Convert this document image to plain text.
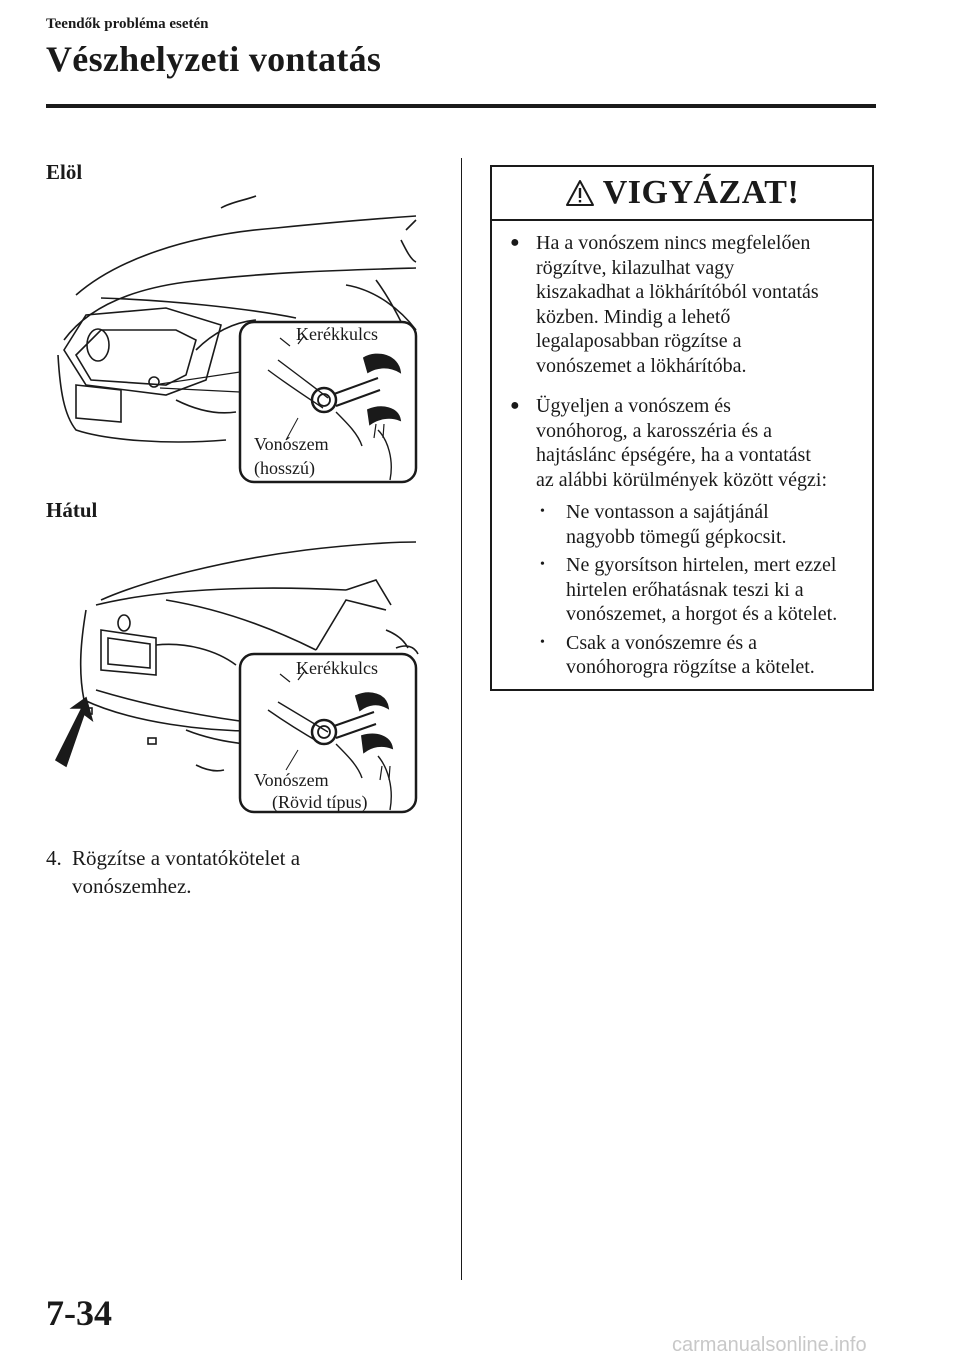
Teendők probléma esetén
Vészhelyzeti vontatás
Elöl
Kerékkulcs
Vonószem
(hosszú)
Hátul
Kerékkulcs
Vonószem
(Rövid típus)
4. Rögzítse a vontatókötelet a
vonószemhez.
VIGYÁZAT!
● Ha a vonószem nincs megfelelően
rögzítve, kilazulhat vagy
kiszakadhat a lökhárítóból vontatás
közben. Mindig a lehető
legalaposabban rögzítse a
vonószemet a lökhárítóba.
● Ügyeljen a vonószem és
vonóhorog, a karosszéria és a
hajtáslánc épségére, ha a vontatást
az alábbi körülmények között végzi:
•	Ne vontasson a sajátjánál
nagyobb tömegű gépkocsit.
•	Ne gyorsítson hirtelen, mert ezzel
hirtelen erőhatásnak teszi ki a
vonószemet, a horgot és a kötelet.
•	Csak a vonószemre és a
vonóhorogra rögzítse a kötelet.
7-34
carmanualsonline.info
